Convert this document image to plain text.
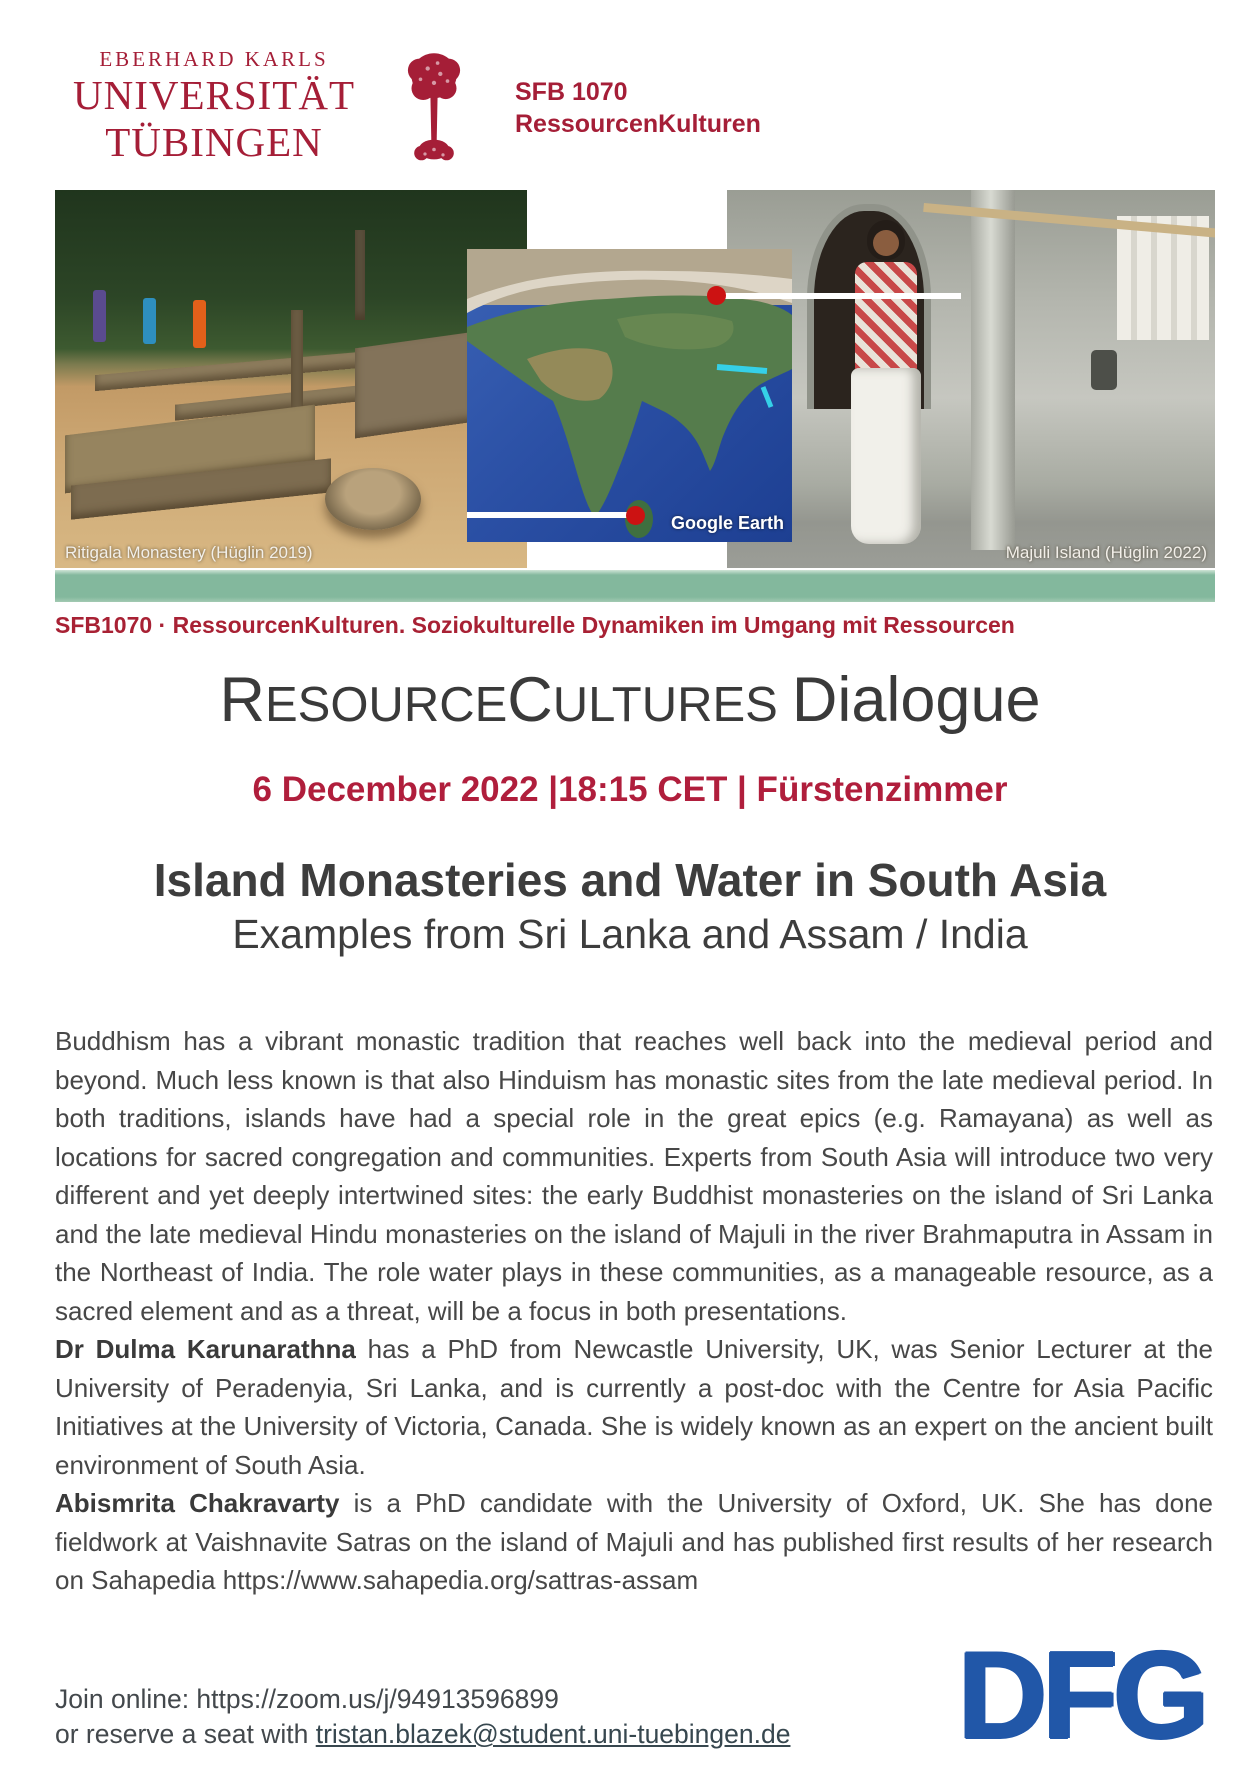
EBERHARD KARLS
UNIVERSITÄT
TÜBINGEN
SFB 1070
RessourcenKulturen
Ritigala Monastery (Hüglin 2019)	Majuli Island (Hüglin 2022)
Google Earth
SFB1070 · RessourcenKulturen. Soziokulturelle Dynamiken im Umgang mit Ressourcen
RESOURCECULTURES Dialogue
6 December 2022 |18:15 CET | Fürstenzimmer
Island Monasteries and Water in South Asia
Examples from Sri Lanka and Assam / India

Buddhism has a vibrant monastic tradition that reaches well back into the medieval period and beyond. Much less known is that also Hinduism has monastic sites from the late medieval period. In both traditions, islands have had a special role in the great epics (e.g. Ramayana) as well as locations for sacred congregation and communities. Experts from South Asia will introduce two very different and yet deeply intertwined sites: the early Buddhist monasteries on the island of Sri Lanka and the late medieval Hindu monasteries on the island of Majuli in the river Brahmaputra in Assam in the Northeast of India. The role water plays in these communities, as a manageable resource, as a sacred element and as a threat, will be a focus in both presentations.

Dr Dulma Karunarathna has a PhD from Newcastle University, UK, was Senior Lecturer at the University of Peradenyia, Sri Lanka, and is currently a post-doc with the Centre for Asia Pacific Initiatives at the University of Victoria, Canada. She is widely known as an expert on the ancient built environment of South Asia.

Abismrita Chakravarty is a PhD candidate with the University of Oxford, UK. She has done fieldwork at Vaishnavite Satras on the island of Majuli and has published first results of her research on Sahapedia https://www.sahapedia.org/sattras-assam

Join online: https://zoom.us/j/94913596899
or reserve a seat with tristan.blazek@student.uni-tuebingen.de DFG
